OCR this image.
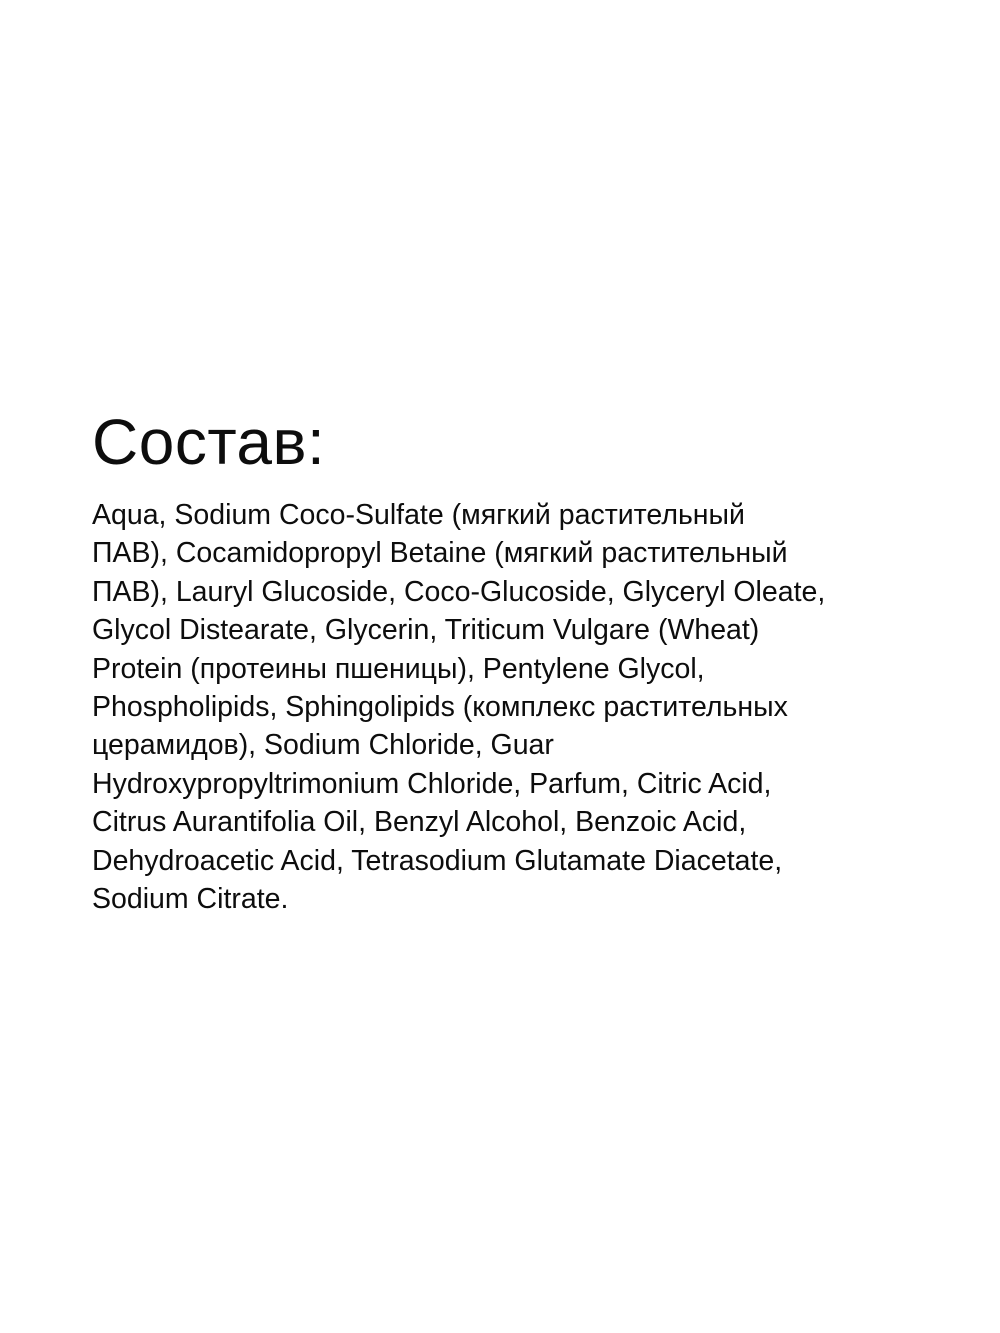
Состав:

Aqua, Sodium Coco-Sulfate (мягкий растительный
ПАВ), Cocamidopropyl Betaine (мягкий растительный
ПАВ), Lauryl Glucoside, Coco-Glucoside, Glyceryl Oleate,
Glycol Distearate, Glycerin, Triticum Vulgare (Wheat)
Protein (протеины пшеницы), Pentylene Glycol,
Phospholipids, Sphingolipids (комплекс растительных
церамидов), Sodium Chloride, Guar
Hydroxypropyltrimonium Chloride, Parfum, Citric Acid,
Citrus Aurantifolia Oil, Benzyl Alcohol, Benzoic Acid,
Dehydroacetic Acid, Tetrasodium Glutamate Diacetate,
Sodium Citrate.
